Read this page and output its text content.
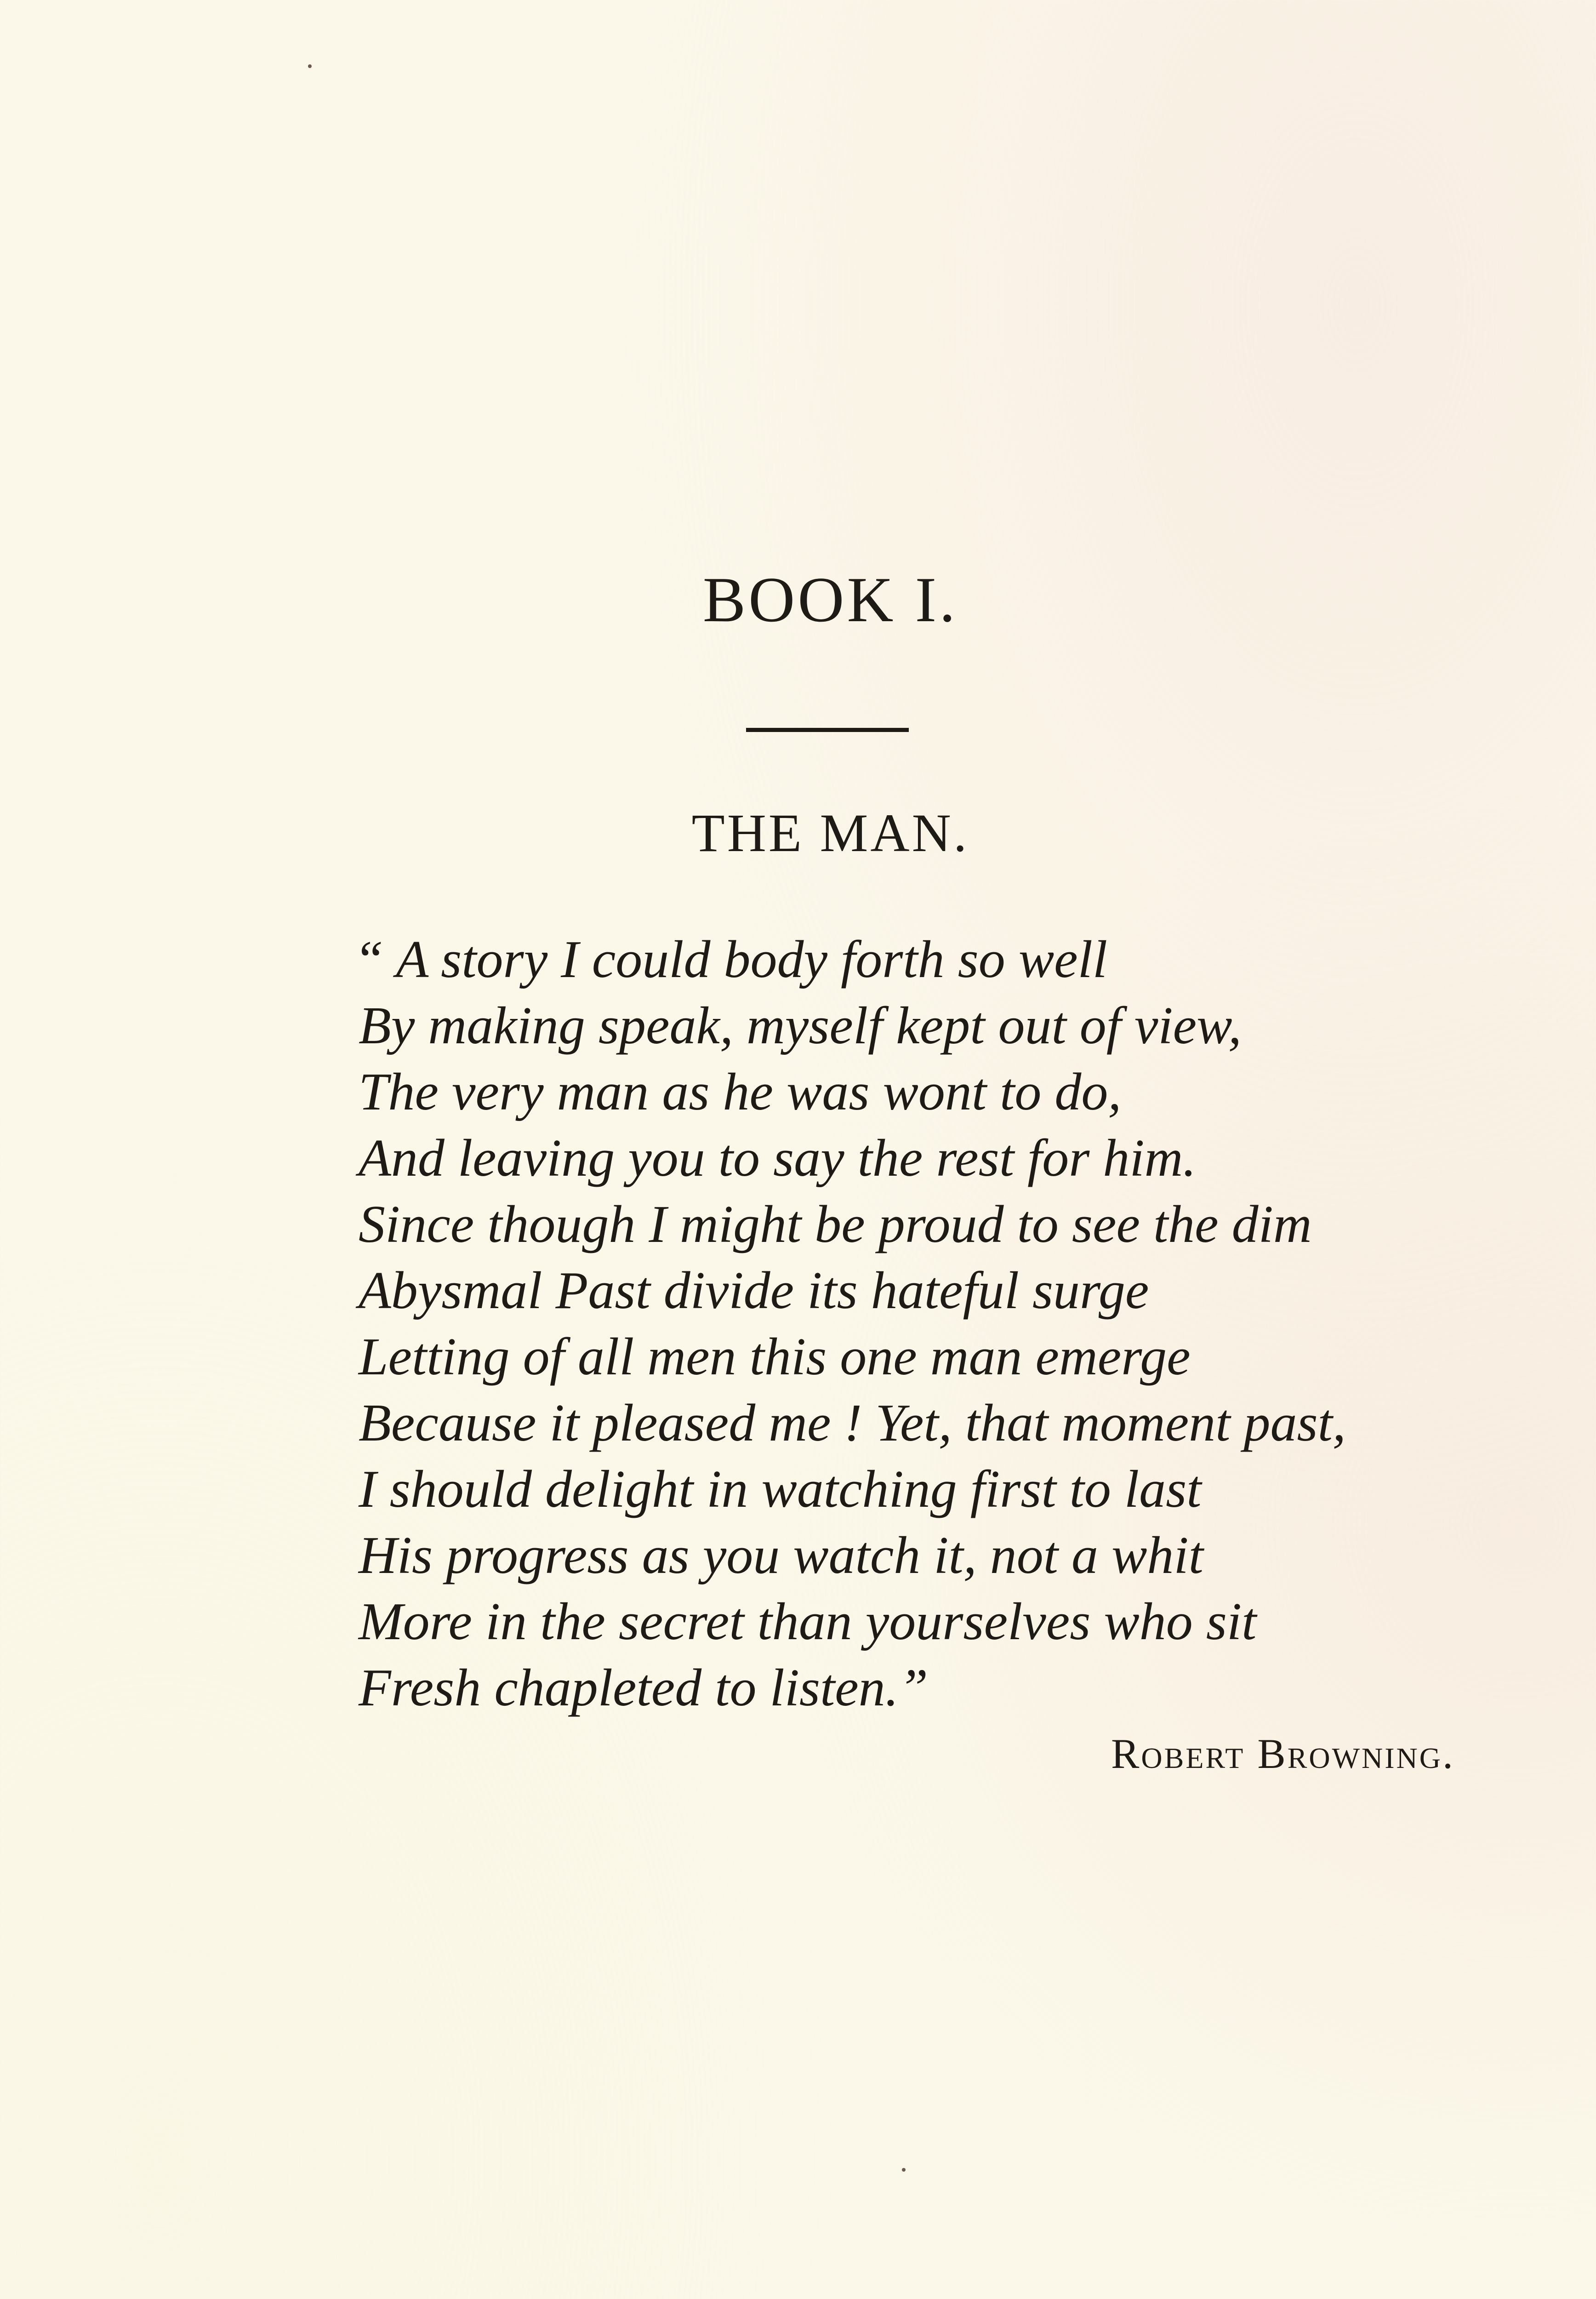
BOOK I.
THE MAN.
“ A story I could body forth so well
By making speak, myself kept out of view,
The very man as he was wont to do,
And leaving you to say the rest for him.
Since though I might be proud to see the dim
Abysmal Past divide its hateful surge
Letting of all men this one man emerge
Because it pleased me ! Yet, that moment past,
I should delight in watching first to last
His progress as you watch it, not a whit
More in the secret than yourselves who sit
Fresh chapleted to listen.”
Robert Browning.
